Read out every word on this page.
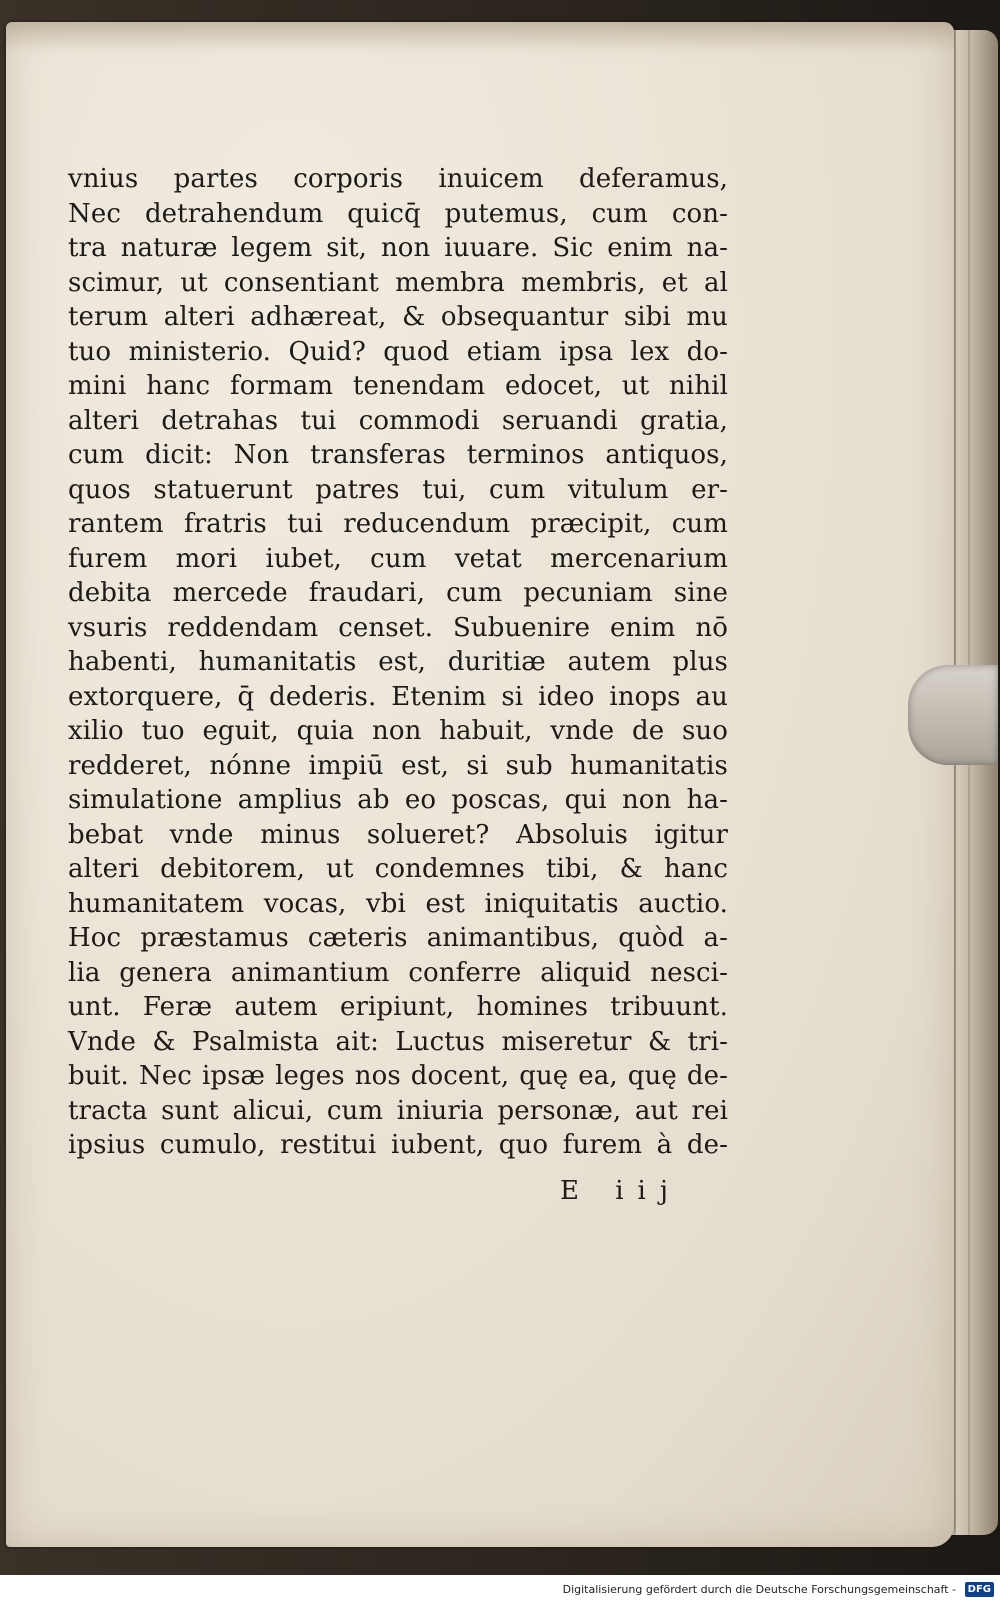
vnius partes corporis inuicem deferamus,
Nec detrahendum quicq̄ putemus, cum con-
tra naturæ legem sit, non iuuare. Sic enim na-
scimur, ut consentiant membra membris, et al
terum alteri adhæreat, & obsequantur sibi mu
tuo ministerio. Quid? quod etiam ipsa lex do-
mini hanc formam tenendam edocet, ut nihil
alteri detrahas tui commodi seruandi gratia,
cum dicit: Non transferas terminos antiquos,
quos statuerunt patres tui, cum vitulum er-
rantem fratris tui reducendum præcipit, cum
furem mori iubet, cum vetat mercenarium
debita mercede fraudari, cum pecuniam sine
vsuris reddendam censet. Subuenire enim nō
habenti, humanitatis est, duritiæ autem plus
extorquere, q̄ dederis. Etenim si ideo inops au
xilio tuo eguit, quia non habuit, vnde de suo
redderet, nónne impiū est, si sub humanitatis
simulatione amplius ab eo poscas, qui non ha-
bebat vnde minus solueret? Absoluis igitur
alteri debitorem, ut condemnes tibi, & hanc
humanitatem vocas, vbi est iniquitatis auctio.
Hoc præstamus cæteris animantibus, quòd a-
lia genera animantium conferre aliquid nesci-
unt. Feræ autem eripiunt, homines tribuunt.
Vnde & Psalmista ait: Luctus miseretur & tri-
buit. Nec ipsæ leges nos docent, quę ea, quę de-
tracta sunt alicui, cum iniuria personæ, aut rei
ipsius cumulo, restitui iubent, quo furem à de-
E iij
Digitalisierung gefördert durch die Deutsche Forschungsgemeinschaft -	DFG
